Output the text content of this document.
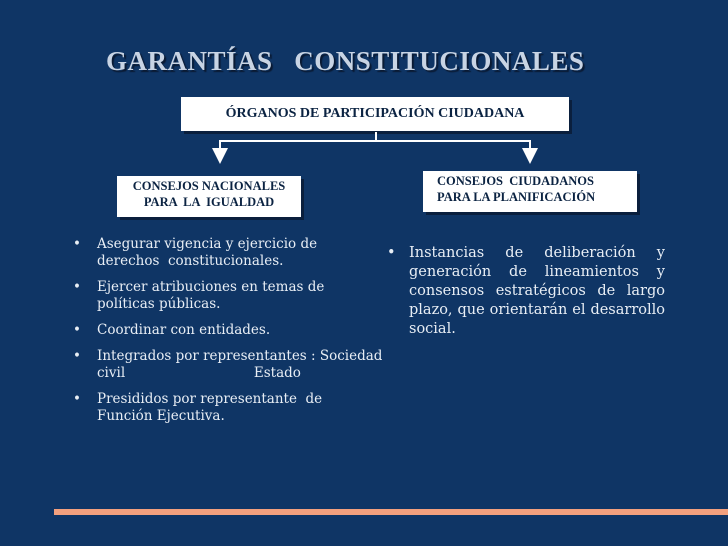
GARANTÍAS   CONSTITUCIONALES
ÓRGANOS DE PARTICIPACIÓN CIUDADANA
CONSEJOS NACIONALES
PARA  LA  IGUALDAD
CONSEJOS  CIUDADANOS
PARA LA PLANIFICACIÓN
• Asegurar vigencia y ejercicio de
derechos  constitucionales.
• Ejercer atribuciones en temas de
políticas públicas.
• Coordinar con entidades.
• Integrados por representantes : Sociedad
civil                              Estado
• Presididos por representante  de
Función Ejecutiva.
• Instancias de deliberación y generación de lineamientos y consensos estratégicos de largo plazo, que orientarán el desarrollo social.
